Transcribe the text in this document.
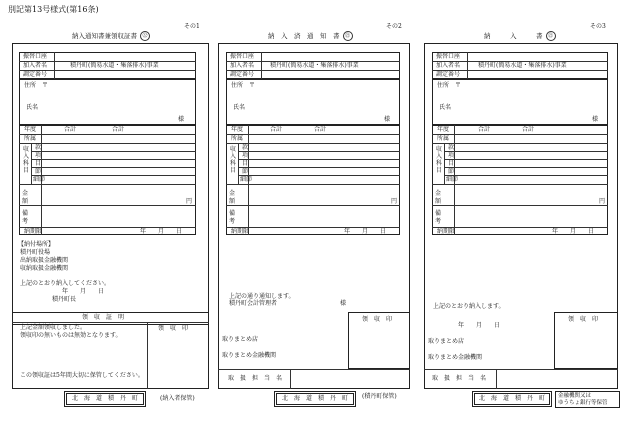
別記第13号様式(第16条)
その1
納入通知書兼領収証書 ㉒
振替口座
加入者名	積丹町(簡易水道・集落排水)事業
調定番号
住所　〒
氏名
様
年度	合計	合計
所属
収入科目
款
項
目
節
細節
金額	円
備考
納期限	年　　月　　日
【納付場所】
積丹町役場
出納取扱金融機関
収納取扱金融機関
上記のとおり納入してください。
年　　月　　日
積丹町長
領　収　証　明
上記金額領収しました。
領収印の無いものは無効となります。
この領収証は5年間大切に保管してください。
領　収　印
北　海　道　積　丹　町	(納入者保管)
その2
納　入　済　通　知　書 ㉒
振替口座
加入者名	積丹町(簡易水道・集落排水)事業
調定番号
住所　〒
氏名
様
年度	合計	合計
所属
収入科目
款
項
目
節
細節
金額	円
備考
納期限	年　　月　　日
上記の通り通知します。
積丹町会計管理者	様
領　収　印
取りまとめ店
取りまとめ金融機関
取　扱　担　当　名
北　海　道　積　丹　町	(積丹町保管)
その3
納　　　入　　　書 ㉒
振替口座
加入者名	積丹町(簡易水道・集落排水)事業
調定番号
住所　〒
氏名
様
年度	合計	合計
所属
収入科目
款
項
目
節
細節
金額	円
備考
納期限	年　　月　　日
上記のとおり納入します。
年　　月　　日
領　収　印
取りまとめ店
取りまとめ金融機関
取　扱　担　当　名
北　海　道　積　丹　町	金融機関又は
ゆうちょ銀行等保管
